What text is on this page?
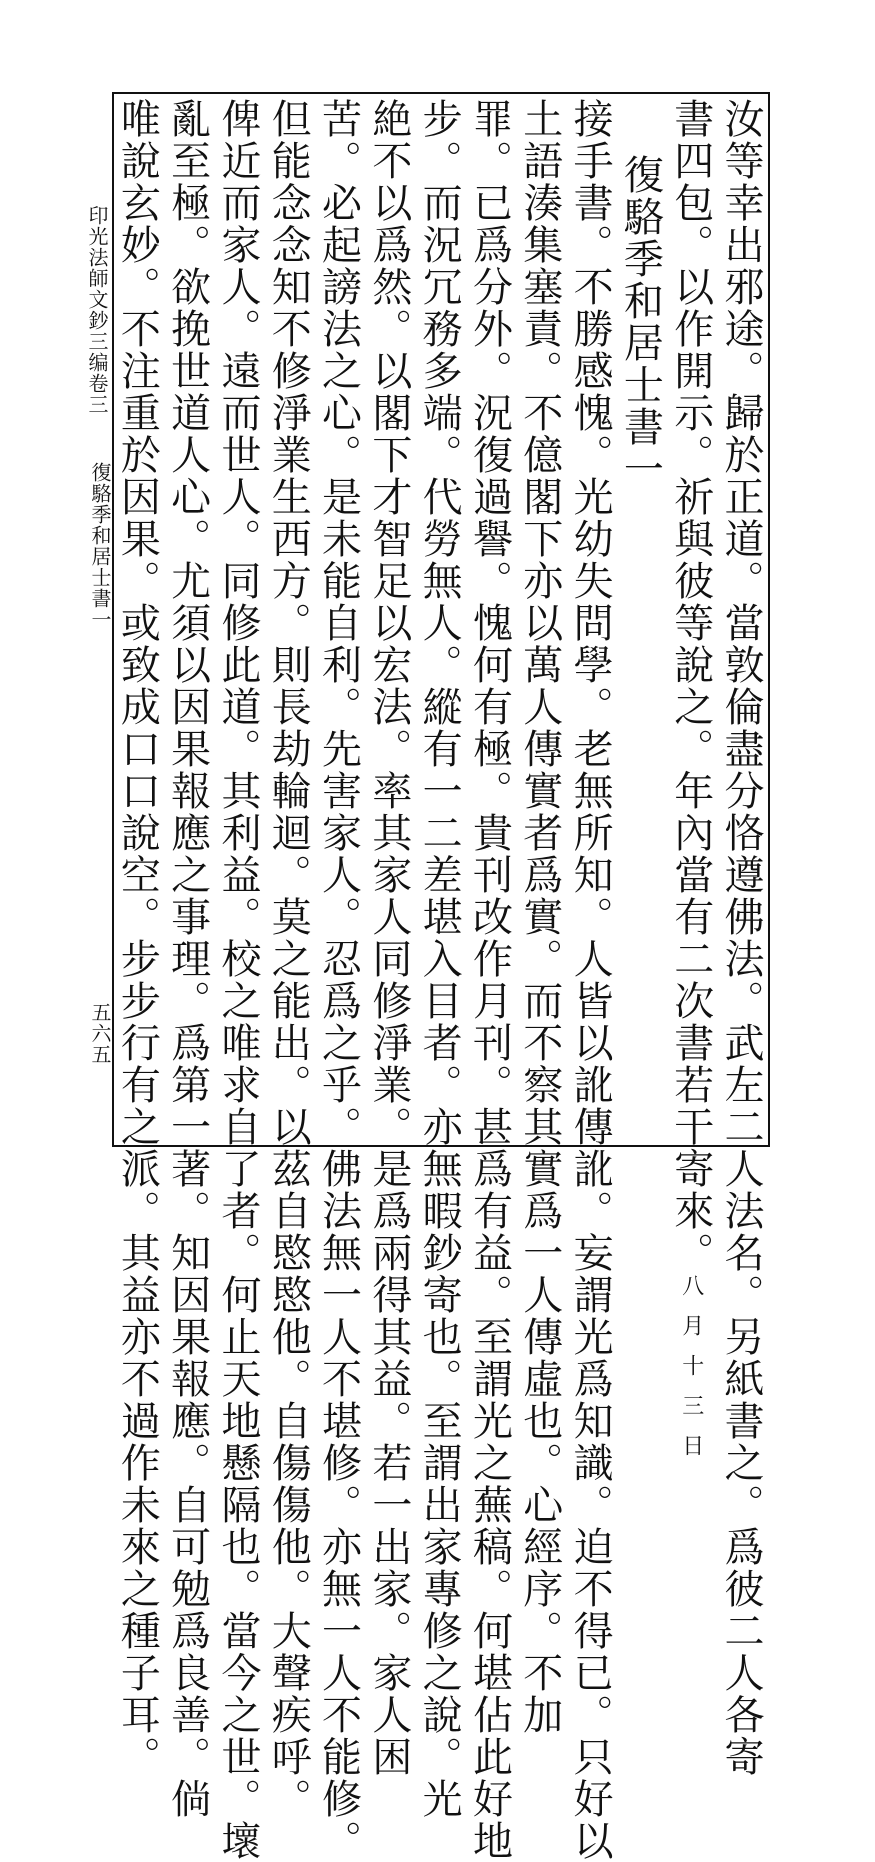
印光法師文鈔三编卷三
復駱季和居士書一
五六五	汝等幸出邪途。歸於正道。當敦倫盡分恪遵佛法。武左二人法名。另紙書之。爲彼二人各寄
書四包。以作開示。祈與彼等說之。年內當有二次書若干寄來。八月十三日
復駱季和居士書一
接手書。不勝感愧。光幼失問學。老無所知。人皆以訛傳訛。妄謂光爲知識。迫不得已。只好以
土語湊集塞責。不億閣下亦以萬人傳實者爲實。而不察其實爲一人傳虛也。心經序。不加
罪。已爲分外。況復過譽。愧何有極。貴刊改作月刊。甚爲有益。至謂光之蕪稿。何堪佔此好地
步。而況冗務多端。代勞無人。縱有一二差堪入目者。亦無暇鈔寄也。至謂出家專修之說。光
絶不以爲然。以閣下才智足以宏法。率其家人同修淨業。是爲兩得其益。若一出家。家人困
苦。必起謗法之心。是未能自利。先害家人。忍爲之乎。佛法無一人不堪修。亦無一人不能修。
但能念念知不修淨業生西方。則長劫輪迴。莫之能出。以茲自愍愍他。自傷傷他。大聲疾呼。
俾近而家人。遠而世人。同修此道。其利益。校之唯求自了者。何止天地懸隔也。當今之世。壞
亂至極。欲挽世道人心。尤須以因果報應之事理。爲第一著。知因果報應。自可勉爲良善。倘
唯說玄妙。不注重於因果。或致成口口說空。步步行有之派。其益亦不過作未來之種子耳。
